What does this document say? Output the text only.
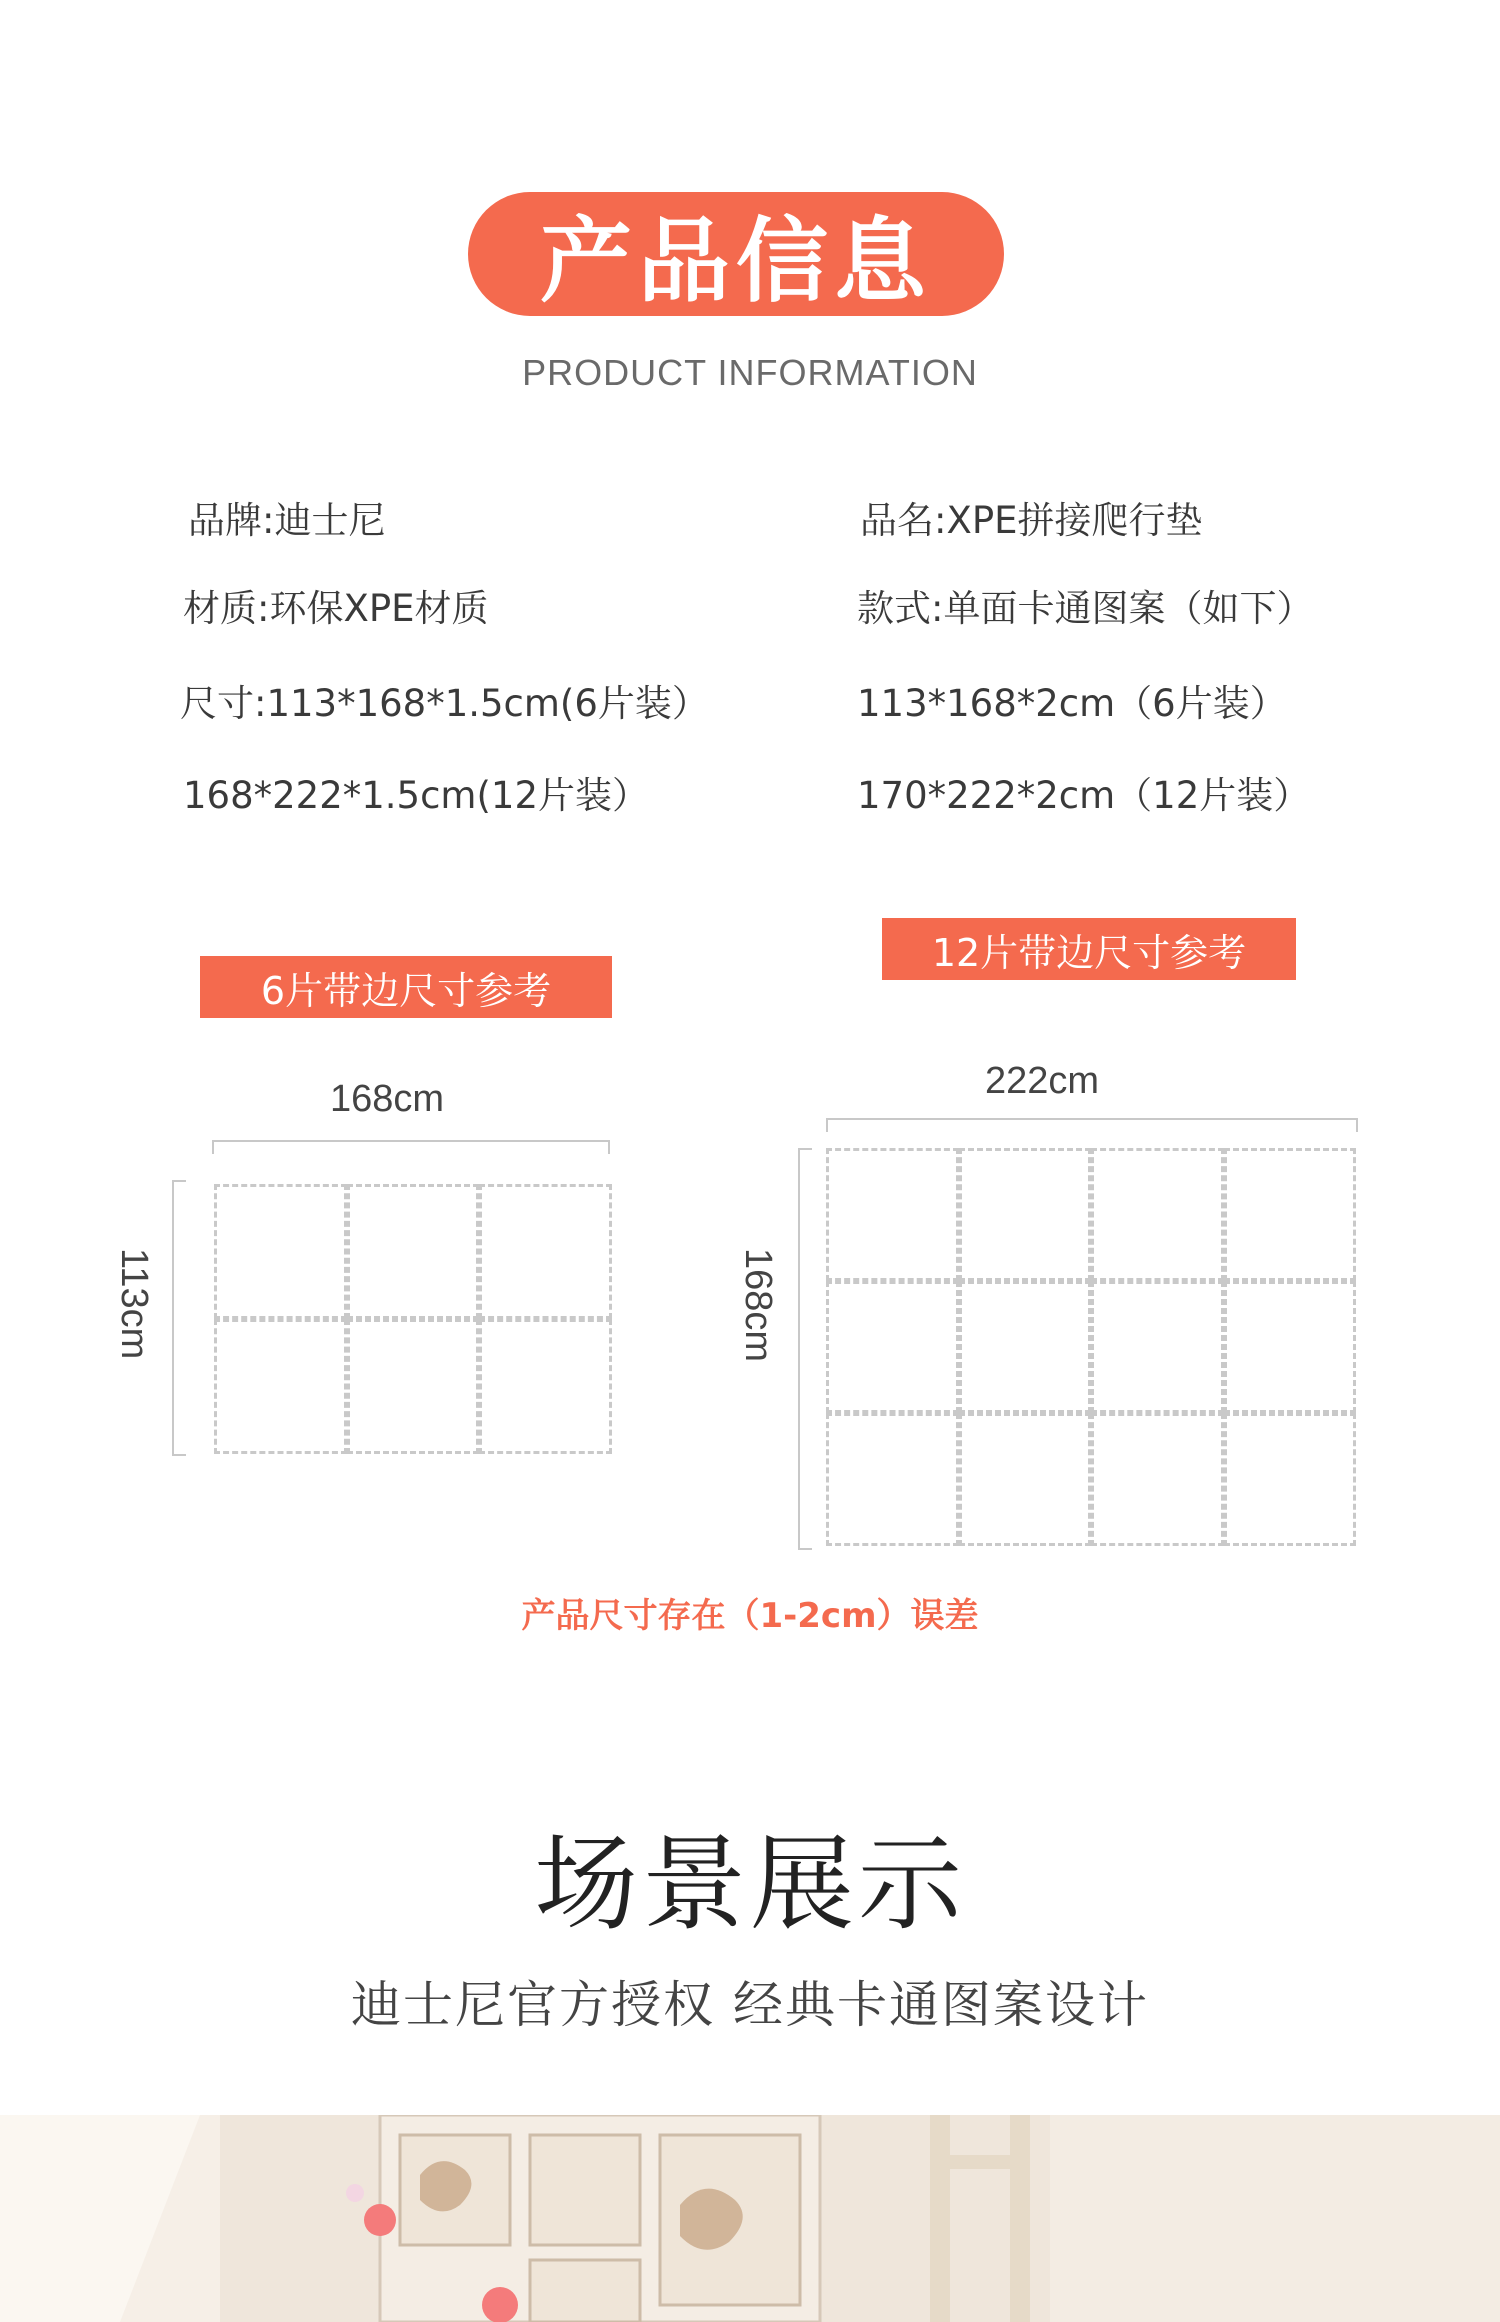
产品信息
PRODUCT INFORMATION
品牌:迪士尼	品名:XPE拼接爬行垫
材质:环保XPE材质	款式:单面卡通图案（如下）
尺寸:113*168*1.5cm(6片装）	113*168*2cm（6片装）
168*222*1.5cm(12片装）	170*222*2cm（12片装）
6片带边尺寸参考
168cm
113cm
12片带边尺寸参考
222cm
168cm
产品尺寸存在（1-2cm）误差
场景展示
迪士尼官方授权 经典卡通图案设计
